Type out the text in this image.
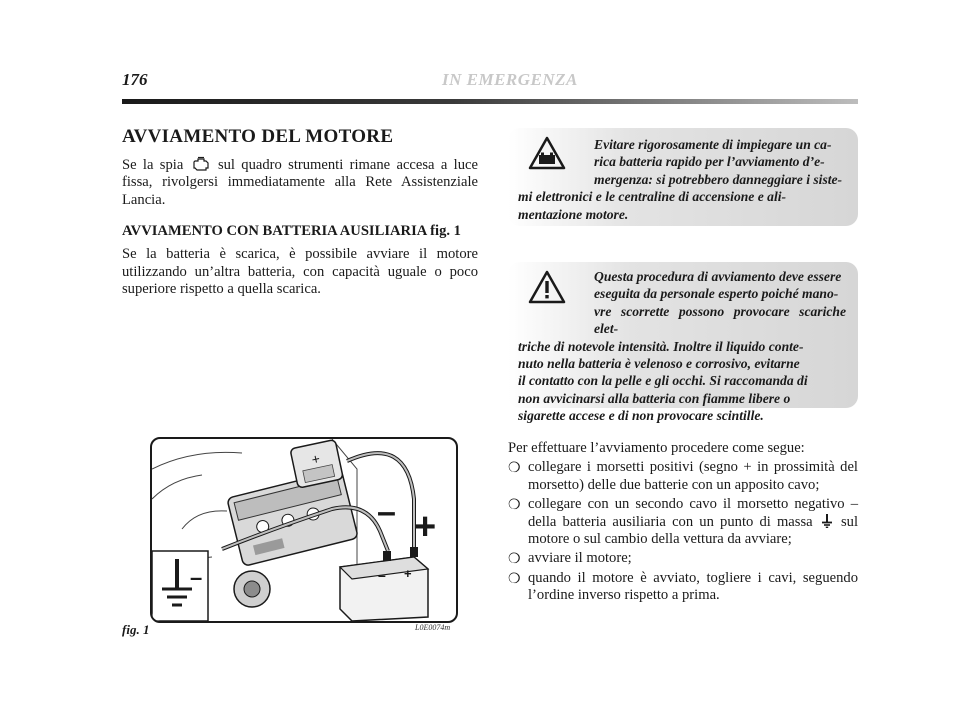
176	IN EMERGENZA
AVVIAMENTO DEL MOTORE

Se la spia sul quadro strumenti rimane accesa a luce fissa, rivolgersi immediatamente alla Rete Assistenziale Lancia.

AVVIAMENTO CON BATTERIA AUSILIARIA fig. 1

Se la batteria è scarica, è possibile avviare il motore utilizzando un’altra batteria, con capacità uguale o poco superiore rispetto a quella scarica.

Evitare rigorosamente di impiegare un ca-
rica batteria rapido per l’avviamento d’e-
mergenza: si potrebbero danneggiare i siste-
mi elettronici e le centraline di accensione e ali-
mentazione motore.

Questa procedura di avviamento deve essere
eseguita da personale esperto poiché mano-
vre scorrette possono provocare scariche elet-
triche di notevole intensità. Inoltre il liquido conte-
nuto nella batteria è velenoso e corrosivo, evitarne
il contatto con la pelle e gli occhi. Si raccomanda di
non avvicinarsi alla batteria con fiamme libere o
sigarette accese e di non provocare scintille.

Per effettuare l’avviamento procedere come segue:

❍ collegare i morsetti positivi (segno + in prossimità del morsetto) delle due batterie con un apposito cavo;
❍ collegare con un secondo cavo il morsetto negativo – della batteria ausiliaria con un punto di massa sul motore o sul cambio della vettura da avviare;
❍ avviare il motore;
❍ quando il motore è avviato, togliere i cavi, seguendo l’ordine inverso rispetto a prima.
+
– +
– +
–
fig. 1	L0E0074m
